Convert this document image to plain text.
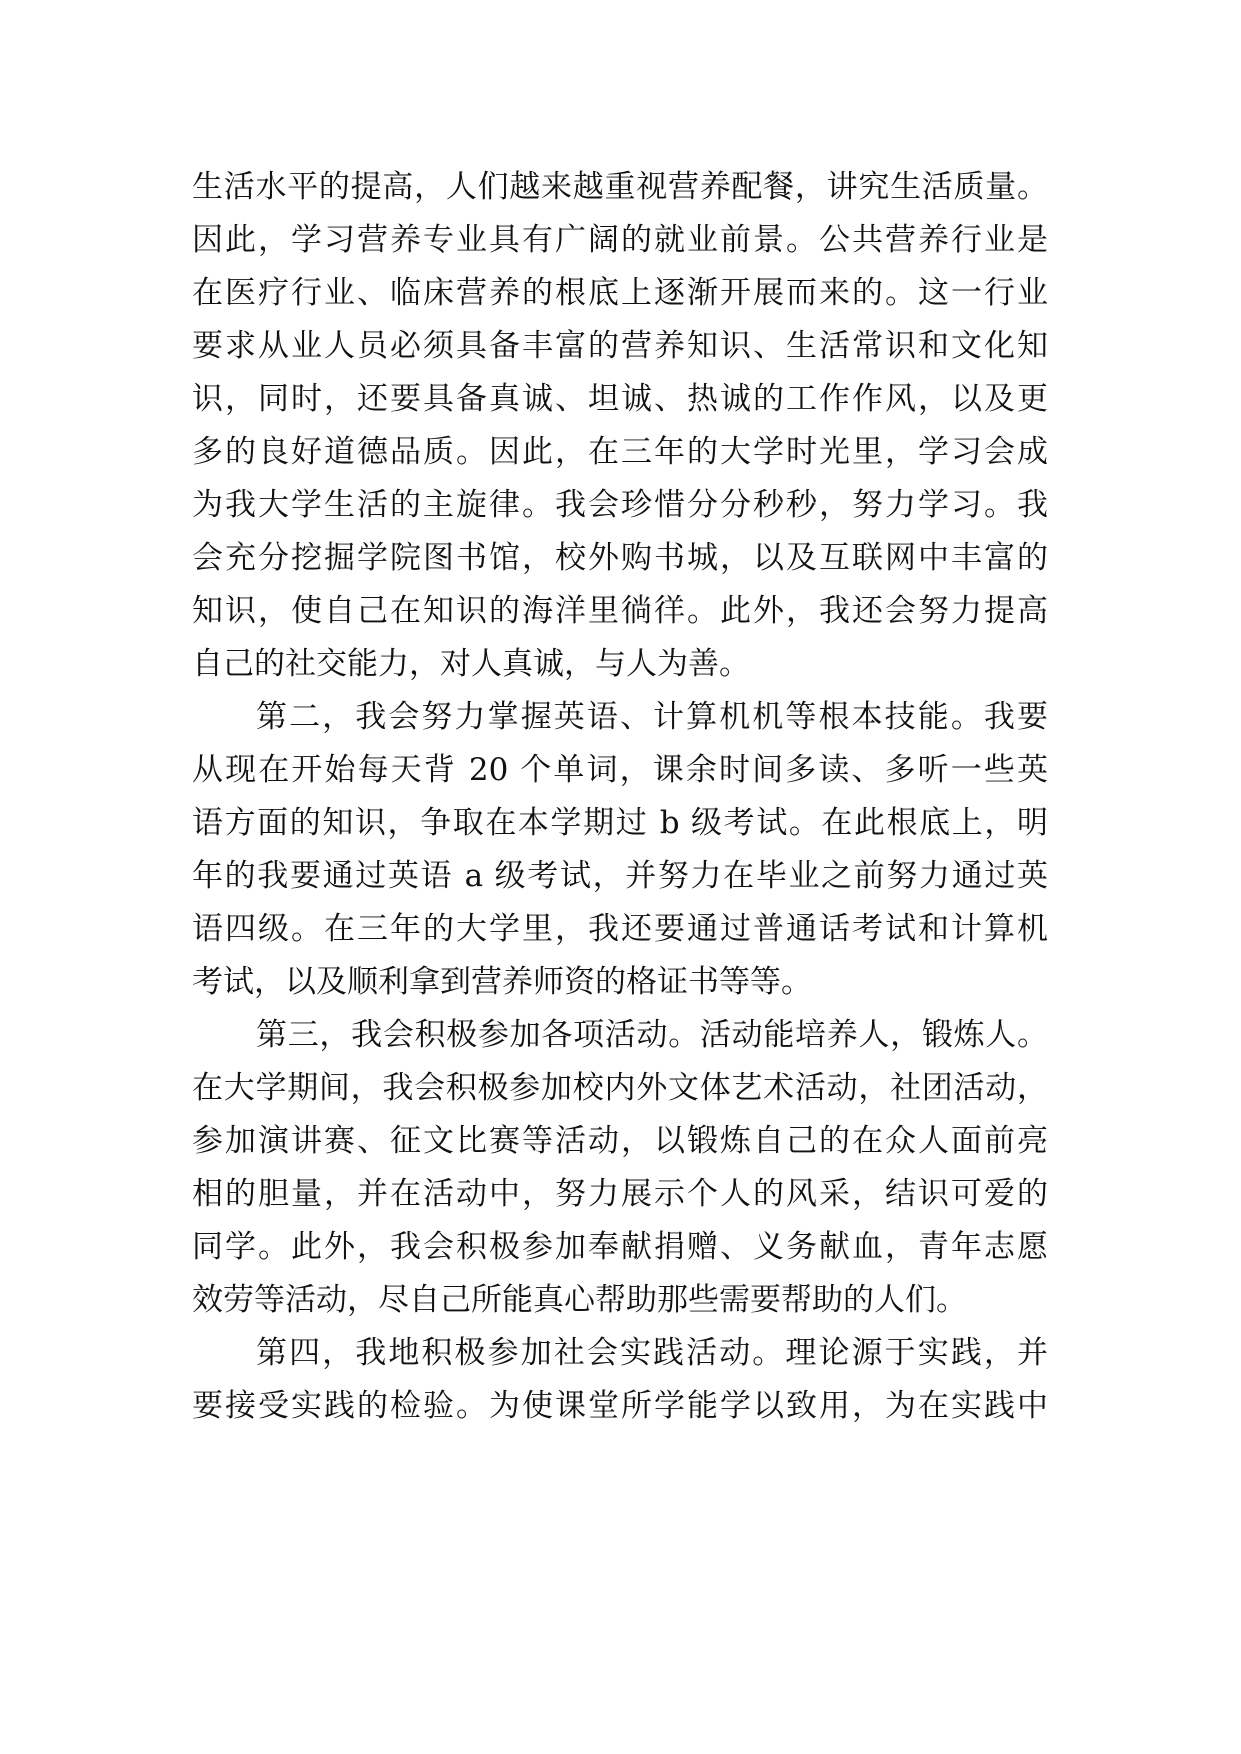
生活水平的提高，人们越来越重视营养配餐，讲究生活质量。
因此，学习营养专业具有广阔的就业前景。公共营养行业是
在医疗行业、临床营养的根底上逐渐开展而来的。这一行业
要求从业人员必须具备丰富的营养知识、生活常识和文化知
识，同时，还要具备真诚、坦诚、热诚的工作作风，以及更
多的良好道德品质。因此，在三年的大学时光里，学习会成
为我大学生活的主旋律。我会珍惜分分秒秒，努力学习。我
会充分挖掘学院图书馆，校外购书城，以及互联网中丰富的
知识，使自己在知识的海洋里徜徉。此外，我还会努力提高
自己的社交能力，对人真诚，与人为善。
第二，我会努力掌握英语、计算机机等根本技能。我要
从现在开始每天背 20 个单词，课余时间多读、多听一些英
语方面的知识，争取在本学期过 b 级考试。在此根底上，明
年的我要通过英语 a 级考试，并努力在毕业之前努力通过英
语四级。在三年的大学里，我还要通过普通话考试和计算机
考试，以及顺利拿到营养师资的格证书等等。
第三，我会积极参加各项活动。活动能培养人，锻炼人。
在大学期间，我会积极参加校内外文体艺术活动，社团活动，
参加演讲赛、征文比赛等活动，以锻炼自己的在众人面前亮
相的胆量，并在活动中，努力展示个人的风采，结识可爱的
同学。此外，我会积极参加奉献捐赠、义务献血，青年志愿
效劳等活动，尽自己所能真心帮助那些需要帮助的人们。
第四，我地积极参加社会实践活动。理论源于实践，并
要接受实践的检验。为使课堂所学能学以致用，为在实践中
